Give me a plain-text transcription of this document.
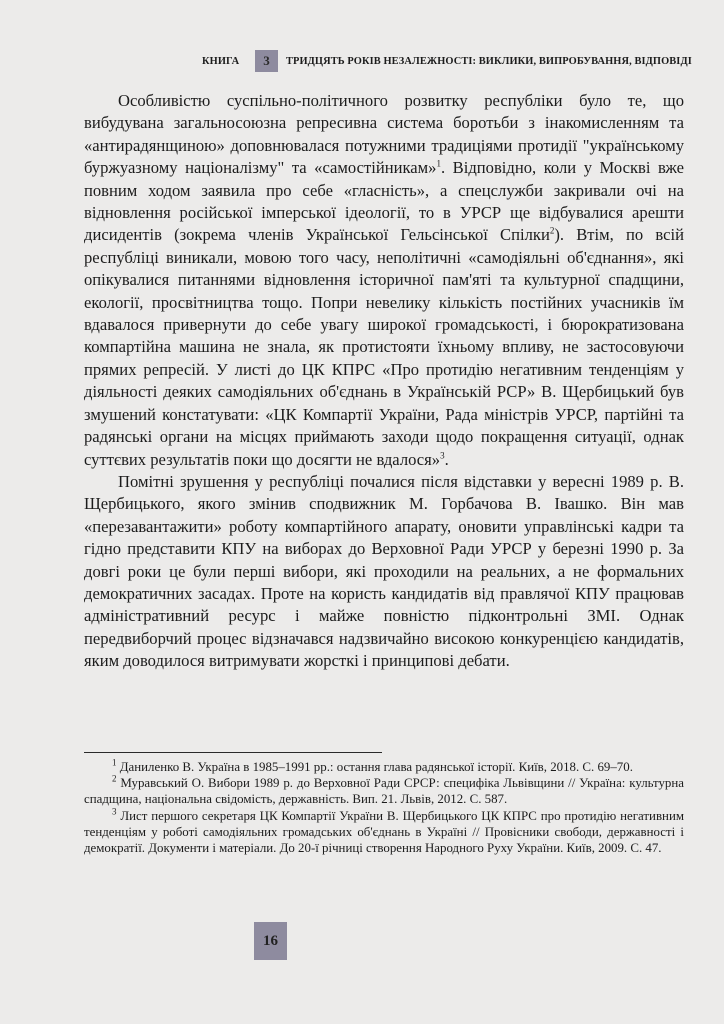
КНИГА	3	ТРИДЦЯТЬ РОКІВ НЕЗАЛЕЖНОСТІ: ВИКЛИКИ, ВИПРОБУВАННЯ, ВІДПОВІДІ

Особливістю суспільно-політичного розвитку республіки було те, що вибудувана загальносоюзна репресивна система боротьби з інакомисленням та «антирадянщиною» доповнювалася потужними традиціями протидії "українському буржуазному націоналізму" та «самостійникам»$^1$. Відповідно, коли у Москві вже повним ходом заявила про себе «гласність», а спецслужби закривали очі на відновлення російської імперської ідеології, то в УРСР ще відбувалися арешти дисидентів (зокрема членів Української Гельсінської Спілки$^2$). Втім, по всій республіці виникали, мовою того часу, неполітичні «самодіяльні об'єднання», які опікувалися питаннями відновлення історичної пам'яті та культурної спадщини, екології, просвітництва тощо. Попри невелику кількість постійних учасників їм вдавалося привернути до себе увагу широкої громадськості, і бюрократизована компартійна машина не знала, як протистояти їхньому впливу, не застосовуючи прямих репресій. У листі до ЦК КПРС «Про протидію негативним тенденціям у діяльності деяких самодіяльних об'єднань в Українській РСР» В. Щербицький був змушений констатувати: «ЦК Компартії України, Рада міністрів УРСР, партійні та радянські органи на місцях приймають заходи щодо покращення ситуації, однак суттєвих результатів поки що досягти не вдалося»$^3$.

Помітні зрушення у республіці почалися після відставки у вересні 1989 р. В. Щербицького, якого змінив сподвижник М. Горбачова В. Івашко. Він мав «перезавантажити» роботу компартійного апарату, оновити управлінські кадри та гідно представити КПУ на виборах до Верховної Ради УРСР у березні 1990 р. За довгі роки це були перші вибори, які проходили на реальних, а не формальних демократичних засадах. Проте на користь кандидатів від правлячої КПУ працював адміністративний ресурс і майже повністю підконтрольні ЗМІ. Однак передвиборчий процес відзначався надзвичайно високою конкуренцією кандидатів, яким доводилося витримувати жорсткі і принципові дебати.

$^1$ Даниленко В. Україна в 1985–1991 рр.: остання глава радянської історії. Київ, 2018. С. 69–70.

$^2$ Муравський О. Вибори 1989 р. до Верховної Ради СРСР: специфіка Львівщини // Україна: культурна спадщина, національна свідомість, державність. Вип. 21. Львів, 2012. С. 587.

$^3$ Лист першого секретаря ЦК Компартії України В. Щербицького ЦК КПРС про протидію негативним тенденціям у роботі самодіяльних громадських об'єднань в Україні // Провісники свободи, державності і демократії. Документи і матеріали. До 20-ї річниці створення Народного Руху України. Київ, 2009. С. 47.

16
